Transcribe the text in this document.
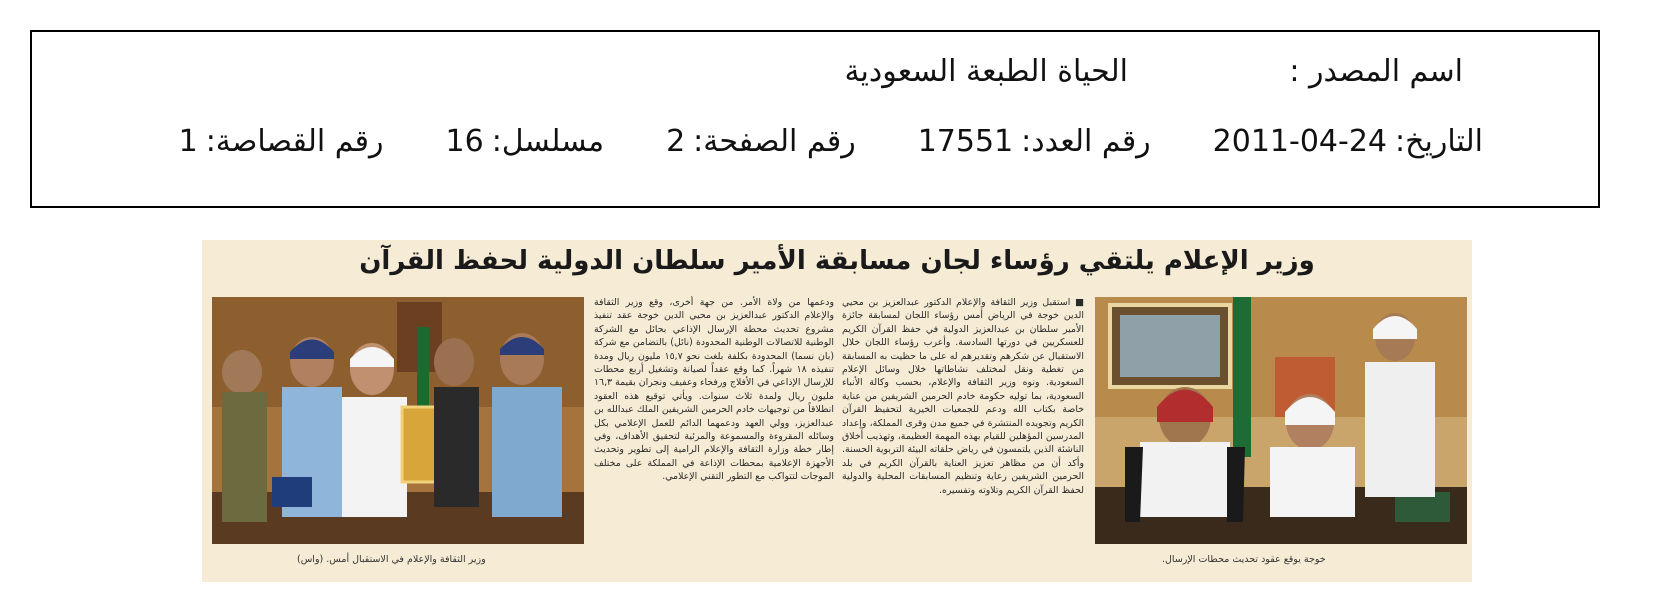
اسم المصدر :
الحياة الطبعة السعودية
التاريخ:
2011-04-24
رقم العدد:
17551
رقم الصفحة:
2
مسلسل:
16
رقم القصاصة:
1
وزير الإعلام يلتقي رؤساء لجان مسابقة الأمير سلطان الدولية لحفظ القرآن
■ استقبل وزير الثقافة والإعلام الدكتور عبدالعزيز بن محيي الدين خوجة في الرياض أمس رؤساء اللجان لمسابقة جائزة الأمير سلطان بن عبدالعزيز الدولية في حفظ القرآن الكريم للعسكريين في دورتها السادسة. وأعرب رؤساء اللجان خلال الاستقبال عن شكرهم وتقديرهم له على ما حظيت به المسابقة من تغطية ونقل لمختلف نشاطاتها خلال وسائل الإعلام السعودية. ونوه وزير الثقافة والإعلام، بحسب وكالة الأنباء السعودية، بما توليه حكومة خادم الحرمين الشريفين من عناية خاصة بكتاب الله ودعم للجمعيات الخيرية لتحفيظ القرآن الكريم وتجويده المنتشرة في جميع مدن وقرى المملكة، وإعداد المدرسين المؤهلين للقيام بهذه المهمة العظيمة، وتهذيب أخلاق الناشئة الذين يلتمسون في رياض حلقاته البيئة التربوية الحسنة. وأكد أن من مظاهر تعزيز العناية بالقرآن الكريم في بلد الحرمين الشريفين رعاية وتنظيم المسابقات المحلية والدولية لحفظ القرآن الكريم وتلاوته وتفسيره.
ودعمها من ولاة الأمر. من جهة أخرى، وقع وزير الثقافة والإعلام الدكتور عبدالعزيز بن محيي الدين خوجة عقد تنفيذ مشروع تحديث محطة الإرسال الإذاعي بحائل مع الشركة الوطنية للاتصالات الوطنية المحدودة (نائل) بالتضامن مع شركة (بان نسما) المحدودة بكلفة بلغت نحو ١٥,٧ مليون ريال ومدة تنفيذه ١٨ شهراً. كما وقع عقداً لصيانة وتشغيل أربع محطات للإرسال الإذاعي في الأفلاج ورفحاء وعفيف ونجران بقيمة ١٦,٣ مليون ريال ولمدة ثلاث سنوات. ويأتي توقيع هذه العقود انطلاقاً من توجيهات خادم الحرمين الشريفين الملك عبدالله بن عبدالعزيز، وولي العهد ودعمهما الدائم للعمل الإعلامي بكل وسائله المقروءة والمسموعة والمرئية لتحقيق الأهداف، وفي إطار خطة وزارة الثقافة والإعلام الرامية إلى تطوير وتحديث الأجهزة الإعلامية بمحطات الإذاعة في المملكة على مختلف الموجات لتتواكب مع التطور التقني الإعلامي.
خوجة يوقع عقود تحديث محطات الإرسال.
وزير الثقافة والإعلام في الاستقبال أمس. (واس)
